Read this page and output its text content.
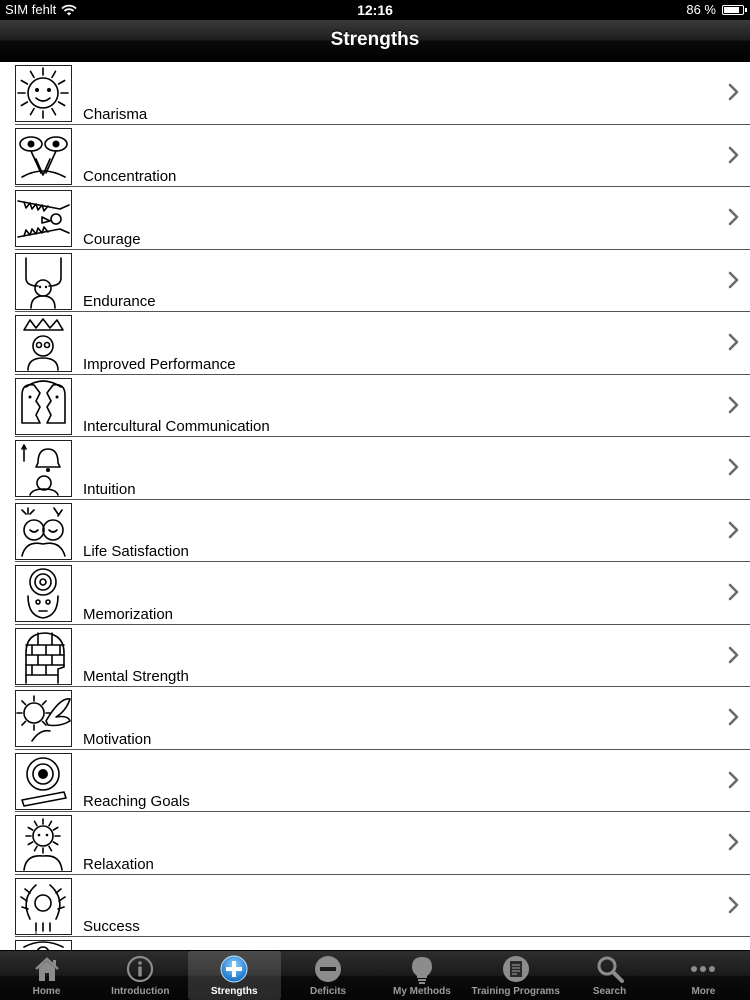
SIM fehlt	12:16	86 %
Strengths
Charisma
Concentration
Courage
Endurance
Improved Performance
Intercultural Communication
Intuition
Life Satisfaction
Memorization
Mental Strength
Motivation
Reaching Goals
Relaxation
Success
Home	Introduction	Strengths	Deficits	My Methods Training Programs	Search	More
